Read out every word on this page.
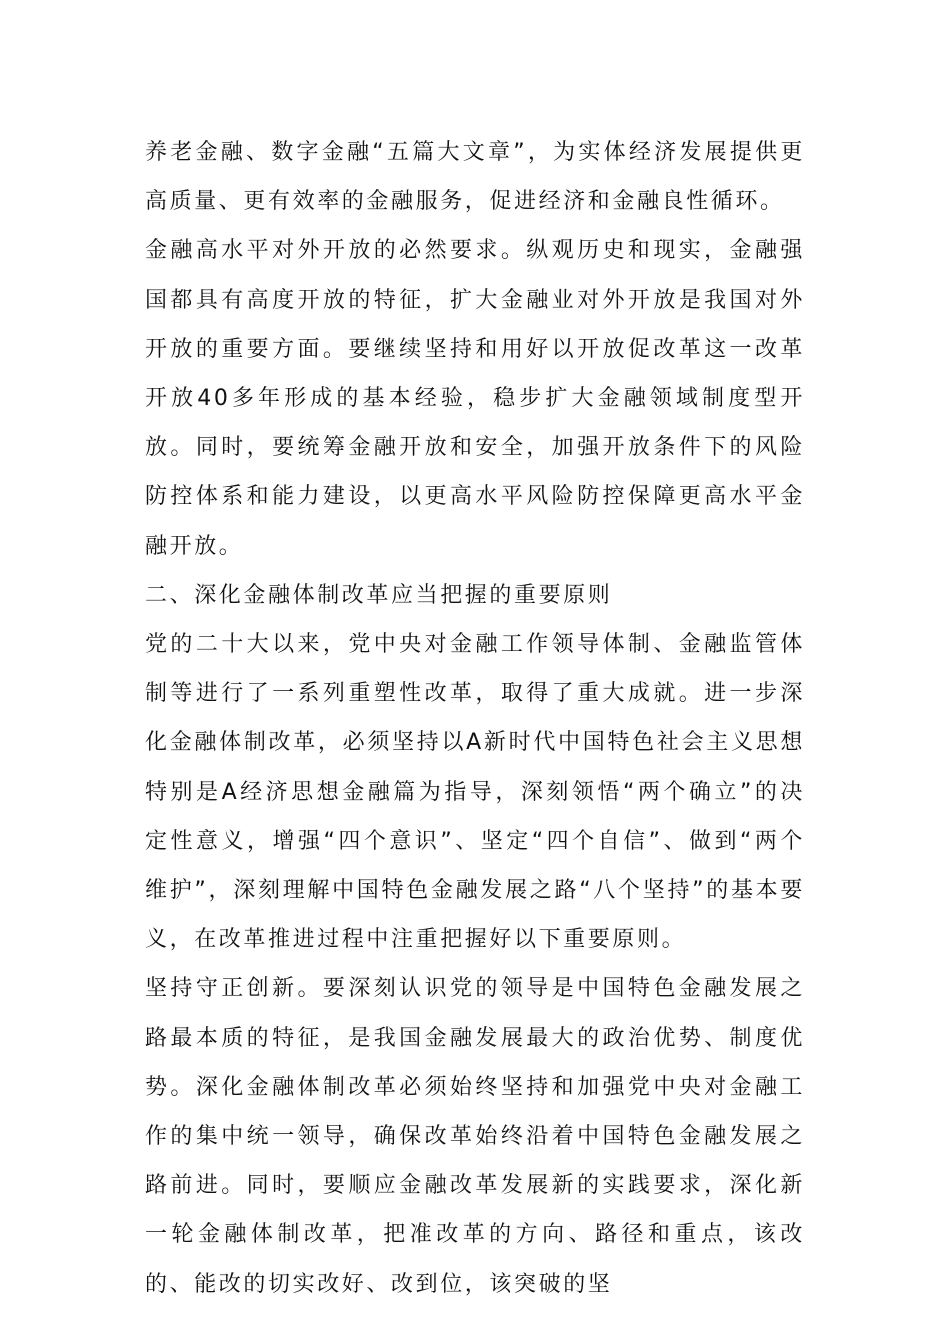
养老金融、数字金融“五篇大文章”，为实体经济发展提供更高质量、更有效率的金融服务，促进经济和金融良性循环。

金融高水平对外开放的必然要求。纵观历史和现实，金融强国都具有高度开放的特征，扩大金融业对外开放是我国对外开放的重要方面。要继续坚持和用好以开放促改革这一改革开放40多年形成的基本经验，稳步扩大金融领域制度型开放。同时，要统筹金融开放和安全，加强开放条件下的风险防控体系和能力建设，以更高水平风险防控保障更高水平金融开放。

二、深化金融体制改革应当把握的重要原则

党的二十大以来，党中央对金融工作领导体制、金融监管体制等进行了一系列重塑性改革，取得了重大成就。进一步深化金融体制改革，必须坚持以A新时代中国特色社会主义思想特别是A经济思想金融篇为指导，深刻领悟“两个确立”的决定性意义，增强“四个意识”、坚定“四个自信”、做到“两个维护”，深刻理解中国特色金融发展之路“八个坚持”的基本要义，在改革推进过程中注重把握好以下重要原则。

坚持守正创新。要深刻认识党的领导是中国特色金融发展之路最本质的特征，是我国金融发展最大的政治优势、制度优势。深化金融体制改革必须始终坚持和加强党中央对金融工作的集中统一领导，确保改革始终沿着中国特色金融发展之路前进。同时，要顺应金融改革发展新的实践要求，深化新一轮金融体制改革，把准改革的方向、路径和重点，该改的、能改的切实改好、改到位，该突破的坚
